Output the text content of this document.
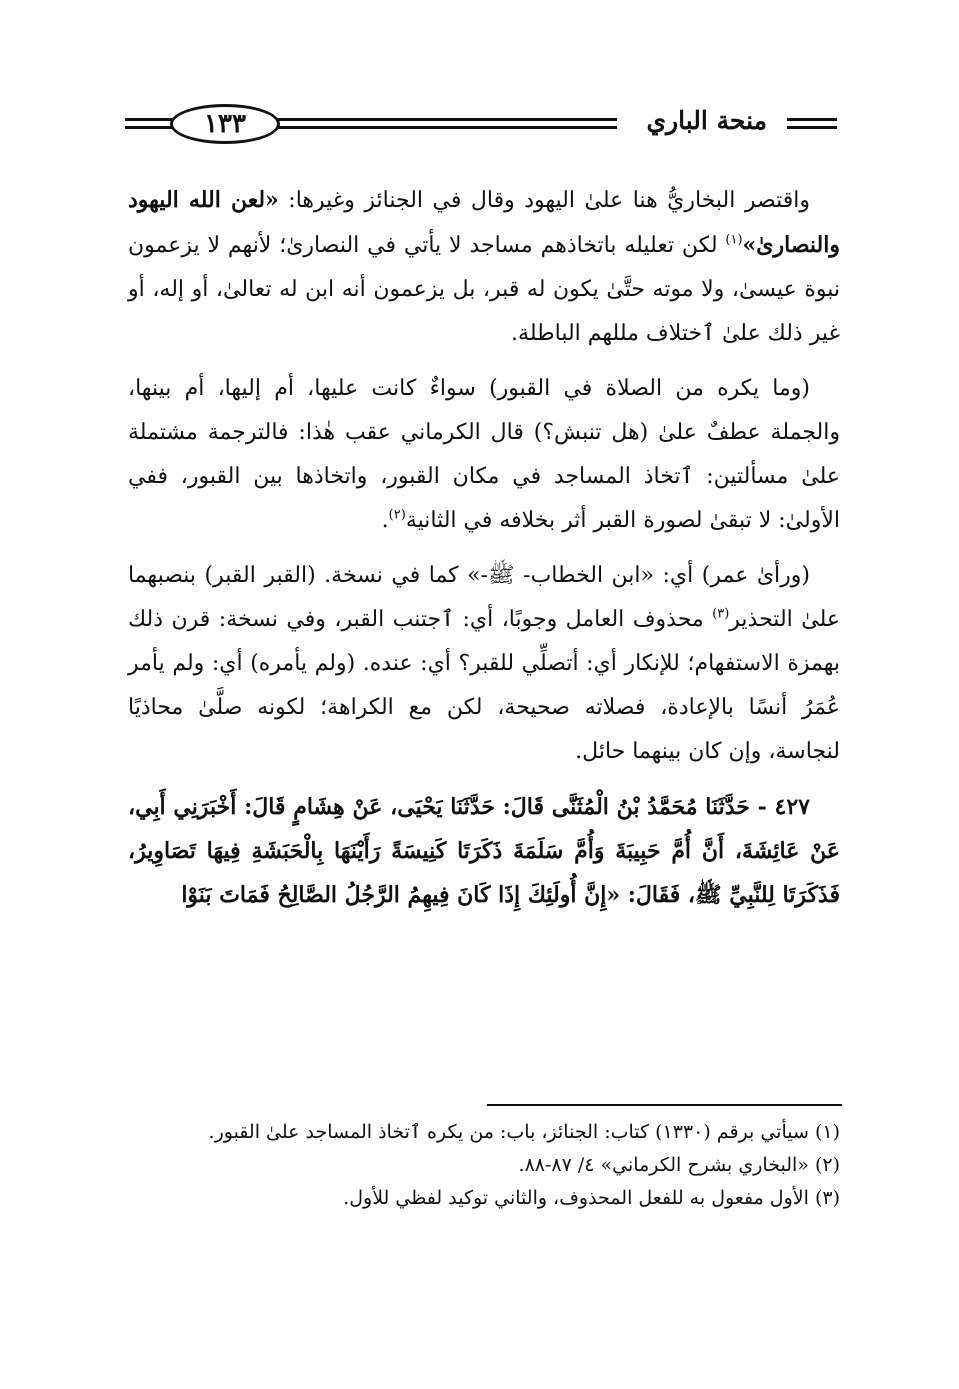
منحة الباري
١٣٣

واقتصر البخاريُّ هنا علىٰ اليهود وقال في الجنائز وغيرها: «لعن الله اليهود والنصارىٰ»$^{(١)}$ لكن تعليله باتخاذهم مساجد لا يأتي في النصارىٰ؛ لأنهم لا يزعمون نبوة عيسىٰ، ولا موته حتَّىٰ يكون له قبر، بل يزعمون أنه ابن له تعالىٰ، أو إله، أو غير ذلك علىٰ ٱختلاف مللهم الباطلة.

(وما يكره من الصلاة في القبور) سواءٌ كانت عليها، أم إليها، أم بينها، والجملة عطفٌ علىٰ (هل تنبش؟) قال الكرماني عقب هٰذا: فالترجمة مشتملة علىٰ مسألتين: ٱتخاذ المساجد في مكان القبور، واتخاذها بين القبور، ففي الأولىٰ: لا تبقىٰ لصورة القبر أثر بخلافه في الثانية$^{(٢)}$.

(ورأىٰ عمر) أي: «ابن الخطاب- ﷺ-» كما في نسخة. (القبر القبر) بنصبهما علىٰ التحذير$^{(٣)}$ محذوف العامل وجوبًا، أي: ٱجتنب القبر، وفي نسخة: قرن ذلك بهمزة الاستفهام؛ للإنكار أي: أتصلِّي للقبر؟ أي: عنده. (ولم يأمره) أي: ولم يأمر عُمَرُ أنسًا بالإعادة، فصلاته صحيحة، لكن مع الكراهة؛ لكونه صلَّىٰ محاذيًا لنجاسة، وإن كان بينهما حائل.

٤٢٧ - حَدَّثَنَا مُحَمَّدُ بْنُ الْمُثَنَّى قَالَ: حَدَّثَنَا يَحْيَى، عَنْ هِشَامٍ قَالَ: أَخْبَرَنِي أَبِي، عَنْ عَائِشَةَ، أَنَّ أُمَّ حَبِيبَةَ وَأُمَّ سَلَمَةَ ذَكَرَتَا كَنِيسَةً رَأَيْنَهَا بِالْحَبَشَةِ فِيهَا تَصَاوِيرُ، فَذَكَرَتَا لِلنَّبِيِّ ﷺ، فَقَالَ: «إِنَّ أُولَئِكَ إِذَا كَانَ فِيهِمُ الرَّجُلُ الصَّالِحُ فَمَاتَ بَنَوْا

(١) سيأتي برقم (١٣٣٠) كتاب: الجنائز، باب: من يكره ٱتخاذ المساجد علىٰ القبور.
(٢) «البخاري بشرح الكرماني» ٤/ ٨٧-٨٨.
(٣) الأول مفعول به للفعل المحذوف، والثاني توكيد لفظي للأول.
